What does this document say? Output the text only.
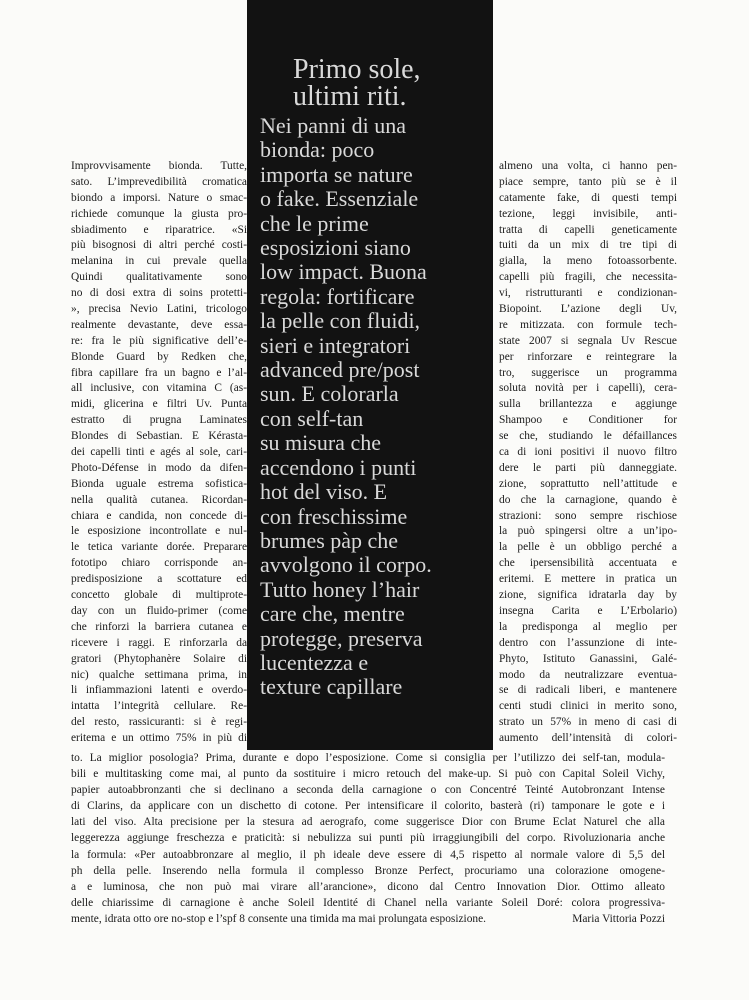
Primo sole,
ultimi riti.
Nei panni di una
bionda: poco
importa se nature
o fake. Essenziale
che le prime
esposizioni siano
low impact. Buona
regola: fortificare
la pelle con fluidi,
sieri e integratori
advanced pre/post
sun. E colorarla
con self-tan
su misura che
accendono i punti
hot del viso. E
con freschissime
brumes pàp che
avvolgono il corpo.
Tutto honey l’hair
care che, mentre
protegge, preserva
lucentezza e
texture capillare
Improvvisamente bionda. Tutte,
sato. L’imprevedibilità cromatica
biondo a imporsi. Nature o smac-
richiede comunque la giusta pro-
sbiadimento e riparatrice. «Si
più bisognosi di altri perché costi-
melanina in cui prevale quella
Quindi qualitativamente sono
no di dosi extra di soins protetti-
», precisa Nevio Latini, tricologo
realmente devastante, deve essa-
re: fra le più significative dell’e-
Blonde Guard by Redken che,
fibra capillare fra un bagno e l’al-
all inclusive, con vitamina C (as-
midi, glicerina e filtri Uv. Punta
estratto di prugna Laminates
Blondes di Sebastian. E Kérasta-
dei capelli tinti e agés al sole, cari-
Photo-Défense in modo da difen-
Bionda uguale estrema sofistica-
nella qualità cutanea. Ricordan-
chiara e candida, non concede di-
le esposizione incontrollate e nul-
le tetica variante dorée. Preparare
fototipo chiaro corrisponde an-
predisposizione a scottature ed
concetto globale di multiprote-
day con un fluido-primer (come
che rinforzi la barriera cutanea e
ricevere i raggi. E rinforzarla da
gratori (Phytophanère Solaire di
nic) qualche settimana prima, in
li infiammazioni latenti e overdo-
intatta l’integrità cellulare. Re-
del resto, rassicuranti: si è regi-
eritema e un ottimo 75% in più di
almeno una volta, ci hanno pen-
piace sempre, tanto più se è il
catamente fake, di questi tempi
tezione, leggi invisibile, anti-
tratta di capelli geneticamente
tuiti da un mix di tre tipi di
gialla, la meno fotoassorbente.
capelli più fragili, che necessita-
vi, ristrutturanti e condizionan-
Biopoint. L’azione degli Uv,
re mitizzata. con formule tech-
state 2007 si segnala Uv Rescue
per rinforzare e reintegrare la
tro, suggerisce un programma
soluta novità per i capelli), cera-
sulla brillantezza e aggiunge
Shampoo e Conditioner for
se che, studiando le défaillances
ca di ioni positivi il nuovo filtro
dere le parti più danneggiate.
zione, soprattutto nell’attitude e
do che la carnagione, quando è
strazioni: sono sempre rischiose
la può spingersi oltre a un’ipo-
la pelle è un obbligo perché a
che ipersensibilità accentuata e
eritemi. E mettere in pratica un
zione, significa idratarla day by
insegna Carita e L’Erbolario)
la predisponga al meglio per
dentro con l’assunzione di inte-
Phyto, Istituto Ganassini, Galé-
modo da neutralizzare eventua-
se di radicali liberi, e mantenere
centi studi clinici in merito sono,
strato un 57% in meno di casi di
aumento dell’intensità di colori-
to. La miglior posologia? Prima, durante e dopo l’esposizione. Come si consiglia per l’utilizzo dei self-tan, modula-
bili e multitasking come mai, al punto da sostituire i micro retouch del make-up. Si può con Capital Soleil Vichy,
papier autoabbronzanti che si declinano a seconda della carnagione o con Concentré Teinté Autobronzant Intense
di Clarins, da applicare con un dischetto di cotone. Per intensificare il colorito, basterà (ri) tamponare le gote e i
lati del viso. Alta precisione per la stesura ad aerografo, come suggerisce Dior con Brume Eclat Naturel che alla
leggerezza aggiunge freschezza e praticità: si nebulizza sui punti più irraggiungibili del corpo. Rivoluzionaria anche
la formula: «Per autoabbronzare al meglio, il ph ideale deve essere di 4,5 rispetto al normale valore di 5,5 del
ph della pelle. Inserendo nella formula il complesso Bronze Perfect, procuriamo una colorazione omogene-
a e luminosa, che non può mai virare all’arancione», dicono dal Centro Innovation Dior. Ottimo alleato
delle chiarissime di carnagione è anche Soleil Identité di Chanel nella variante Soleil Doré: colora progressiva-
mente, idrata otto ore no-stop e l’spf 8 consente una timida ma mai prolungata esposizione.	Maria Vittoria Pozzi
